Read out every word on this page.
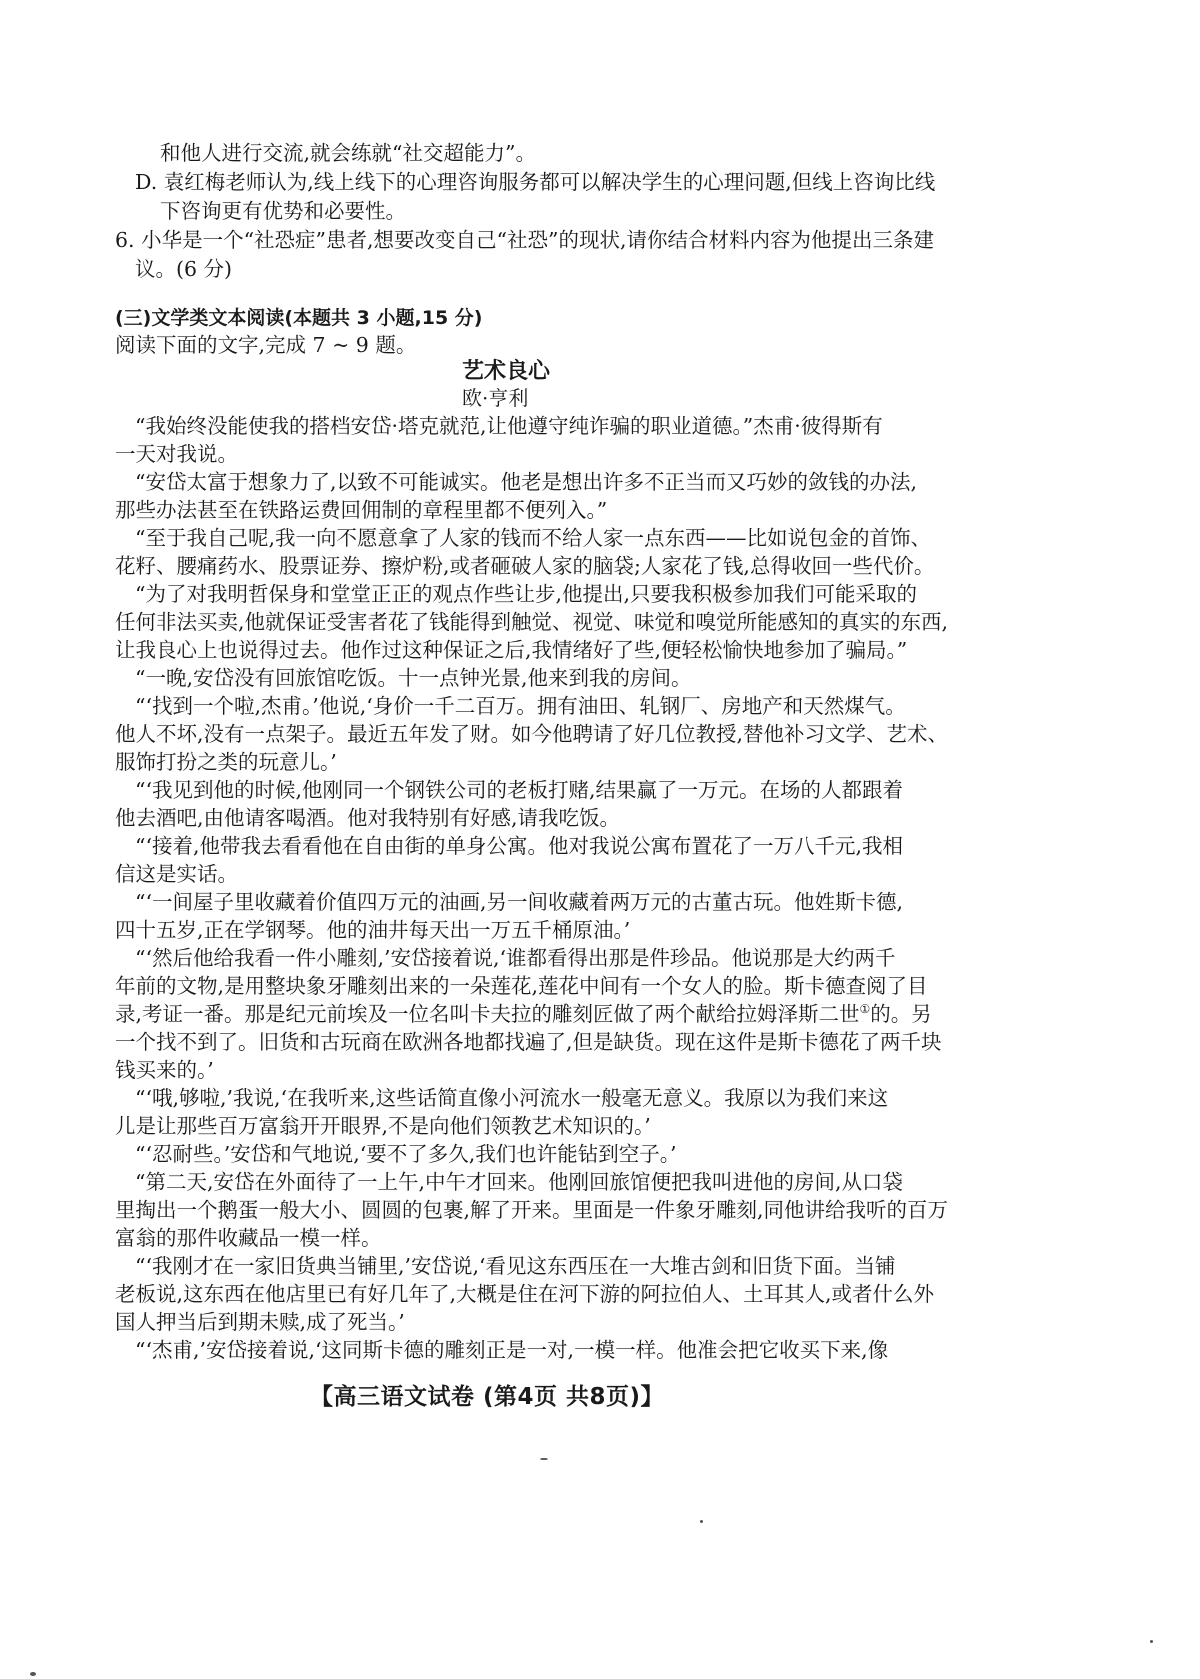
和他人进行交流,就会练就“社交超能力”。
D. 袁红梅老师认为,线上线下的心理咨询服务都可以解决学生的心理问题,但线上咨询比线
下咨询更有优势和必要性。
6. 小华是一个“社恐症”患者,想要改变自己“社恐”的现状,请你结合材料内容为他提出三条建
议。(6 分)
(三)文学类文本阅读(本题共 3 小题,15 分)
阅读下面的文字,完成 7 ~ 9 题。
艺术良心
欧·亨利
“我始终没能使我的搭档安岱·塔克就范,让他遵守纯诈骗的职业道德。”杰甫·彼得斯有
一天对我说。
“安岱太富于想象力了,以致不可能诚实。他老是想出许多不正当而又巧妙的敛钱的办法,
那些办法甚至在铁路运费回佣制的章程里都不便列入。”
“至于我自己呢,我一向不愿意拿了人家的钱而不给人家一点东西——比如说包金的首饰、
花籽、腰痛药水、股票证券、擦炉粉,或者砸破人家的脑袋;人家花了钱,总得收回一些代价。
“为了对我明哲保身和堂堂正正的观点作些让步,他提出,只要我积极参加我们可能采取的
任何非法买卖,他就保证受害者花了钱能得到触觉、视觉、味觉和嗅觉所能感知的真实的东西,
让我良心上也说得过去。他作过这种保证之后,我情绪好了些,便轻松愉快地参加了骗局。”
“一晚,安岱没有回旅馆吃饭。十一点钟光景,他来到我的房间。
“‘找到一个啦,杰甫。’他说,‘身价一千二百万。拥有油田、轧钢厂、房地产和天然煤气。
他人不坏,没有一点架子。最近五年发了财。如今他聘请了好几位教授,替他补习文学、艺术、
服饰打扮之类的玩意儿。’
“‘我见到他的时候,他刚同一个钢铁公司的老板打赌,结果赢了一万元。在场的人都跟着
他去酒吧,由他请客喝酒。他对我特别有好感,请我吃饭。
“‘接着,他带我去看看他在自由街的单身公寓。他对我说公寓布置花了一万八千元,我相
信这是实话。
“‘一间屋子里收藏着价值四万元的油画,另一间收藏着两万元的古董古玩。他姓斯卡德,
四十五岁,正在学钢琴。他的油井每天出一万五千桶原油。’
“‘然后他给我看一件小雕刻,’安岱接着说,‘谁都看得出那是件珍品。他说那是大约两千
年前的文物,是用整块象牙雕刻出来的一朵莲花,莲花中间有一个女人的脸。斯卡德查阅了目
录,考证一番。那是纪元前埃及一位名叫卡夫拉的雕刻匠做了两个献给拉姆泽斯二世①的。另
一个找不到了。旧货和古玩商在欧洲各地都找遍了,但是缺货。现在这件是斯卡德花了两千块
钱买来的。’
“‘哦,够啦,’我说,‘在我听来,这些话简直像小河流水一般毫无意义。我原以为我们来这
儿是让那些百万富翁开开眼界,不是向他们领教艺术知识的。’
“‘忍耐些。’安岱和气地说,‘要不了多久,我们也许能钻到空子。’
“第二天,安岱在外面待了一上午,中午才回来。他刚回旅馆便把我叫进他的房间,从口袋
里掏出一个鹅蛋一般大小、圆圆的包裹,解了开来。里面是一件象牙雕刻,同他讲给我听的百万
富翁的那件收藏品一模一样。
“‘我刚才在一家旧货典当铺里,’安岱说,‘看见这东西压在一大堆古剑和旧货下面。当铺
老板说,这东西在他店里已有好几年了,大概是住在河下游的阿拉伯人、土耳其人,或者什么外
国人押当后到期未赎,成了死当。’
“‘杰甫,’安岱接着说,‘这同斯卡德的雕刻正是一对,一模一样。他准会把它收买下来,像
【高三语文试卷 (第4页 共8页)】
